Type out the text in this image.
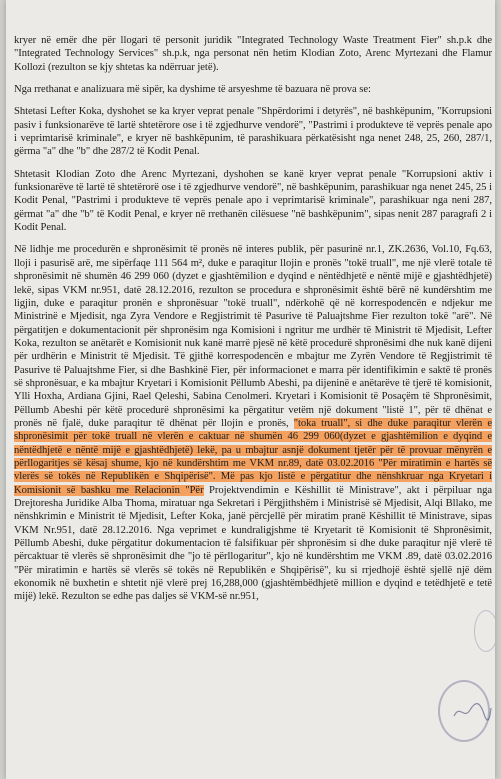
kryer në emër dhe për llogari të personit juridik "Integrated Technology Waste Treatment Fier" sh.p.k dhe "Integrated Technology Services" sh.p.k, nga personat nën hetim Klodian Zoto, Arenc Myrtezani dhe Flamur Kollozi (rezulton se kjy shtetas ka ndërruar jetë).

Nga rrethanat e analizuara më sipër, ka dyshime të arsyeshme të bazuara në prova se:

Shtetasi Lefter Koka, dyshohet se ka kryer veprat penale "Shpërdorimi i detyrës", në bashkëpunim, "Korrupsioni pasiv i funksionarëve të lartë shtetërore ose i të zgjedhurve vendorë", "Pastrimi i produkteve të veprës penale apo i veprimtarisë kriminale", e kryer në bashkëpunim, të parashikuara përkatësisht nga nenet 248, 25, 260, 287/1, gërma "a" dhe "b" dhe 287/2 të Kodit Penal.

Shtetasit Klodian Zoto dhe Arenc Myrtezani, dyshohen se kanë kryer veprat penale "Korrupsioni aktiv i funksionarëve të lartë të shtetërorë ose i të zgjedhurve vendorë", në bashkëpunim, parashikuar nga nenet 245, 25 i Kodit Penal, "Pastrimi i produkteve të veprës penale apo i veprimtarisë kriminale", parashikuar nga neni 287, gërmat "a" dhe "b" të Kodit Penal, e kryer në rrethanën cilësuese "në bashkëpunim", sipas nenit 287 paragrafi 2 i Kodit Penal.

Në lidhje me procedurën e shpronësimit të pronës në interes publik, për pasurinë nr.1, ZK.2636, Vol.10, Fq.63, lloji i pasurisë arë, me sipërfaqe 111 564 m², duke e paraqitur llojin e pronës "tokë truall", me një vlerë totale të shpronësimit në shumën 46 299 060 (dyzet e gjashtëmilion e dyqind e nëntëdhjetë e nëntë mijë e gjashtëdhjetë) lekë, sipas VKM nr.951, datë 28.12.2016, rezulton se procedura e shpronësimit është bërë në kundërshtim me ligjin, duke e paraqitur pronën e shpronësuar "tokë truall", ndërkohë që në korrespodencën e ndjekur me Ministrinë e Mjedisit, nga Zyra Vendore e Regjistrimit të Pasurive të Paluajtshme Fier rezulton tokë "arë". Në përgatitjen e dokumentacionit për shpronësim nga Komisioni i ngritur me urdhër të Ministrit të Mjedisit, Lefter Koka, rezulton se anëtarët e Komisionit nuk kanë marrë pjesë në këtë procedurë shpronësimi dhe nuk kanë dijeni për urdhërin e Ministrit të Mjedisit. Të gjithë korrespodencën e mbajtur me Zyrën Vendore të Regjistrimit të Pasurive të Paluajtshme Fier, si dhe Bashkinë Fier, për informacionet e marra për identifikimin e saktë të pronës së shpronësuar, e ka mbajtur Kryetari i Komisionit Pëllumb Abeshi, pa dijeninë e anëtarëve të tjerë të komisionit, Ylli Hoxha, Ardiana Gjini, Rael Qeleshi, Sabina Cenolmeri. Kryetari i Komisionit të Posaçëm të Shpronësimit, Pëllumb Abeshi për këtë procedurë shpronësimi ka përgatitur vetëm një dokument "listë 1", për të dhënat e pronës në fjalë, duke paraqitur të dhënat për llojin e pronës, "toka truall", si dhe duke paraqitur vlerën e shpronësimit për tokë truall në vlerën e caktuar në shumën 46 299 060(dyzet e gjashtëmilion e dyqind e nëntëdhjetë e nëntë mijë e gjashtëdhjetë) lekë, pa u mbajtur asnjë dokument tjetër për të provuar mënyrën e përllogaritjes së kësaj shume, kjo në kundërshtim me VKM nr.89, datë 03.02.2016 "Për miratimin e hartës së vlerës së tokës në Republikën e Shqipërisë". Më pas kjo listë e përgatitur dhe nënshkruar nga Kryetari i Komisionit së bashku me Relacionin "Për Projektvendimin e Këshillit të Ministrave", akt i përpiluar nga Drejtoresha Juridike Alba Thoma, miratuar nga Sekretari i Përgjithshëm i Ministrisë së Mjedisit, Alqi Bllako, me nënshkrimin e Ministrit të Mjedisit, Lefter Koka, janë përcjellë për miratim pranë Këshillit të Ministrave, sipas VKM Nr.951, datë 28.12.2016. Nga veprimet e kundraligjshme të Kryetarit të Komisionit të Shpronësimit, Pëllumb Abeshi, duke përgatitur dokumentacion të falsifikuar për shpronësim si dhe duke paraqitur një vlerë të përcaktuar të vlerës së shpronësimit dhe "jo të përllogaritur", kjo në kundërshtim me VKM .89, datë 03.02.2016 "Për miratimin e hartës së vlerës së tokës në Republikën e Shqipërisë", ku si rrjedhojë është sjellë një dëm ekonomik në buxhetin e shtetit një vlerë prej 16,288,000 (gjashtëmbëdhjetë million e dyqind e tetëdhjetë e tetë mijë) lekë. Rezulton se edhe pas daljes së VKM-së nr.951,
